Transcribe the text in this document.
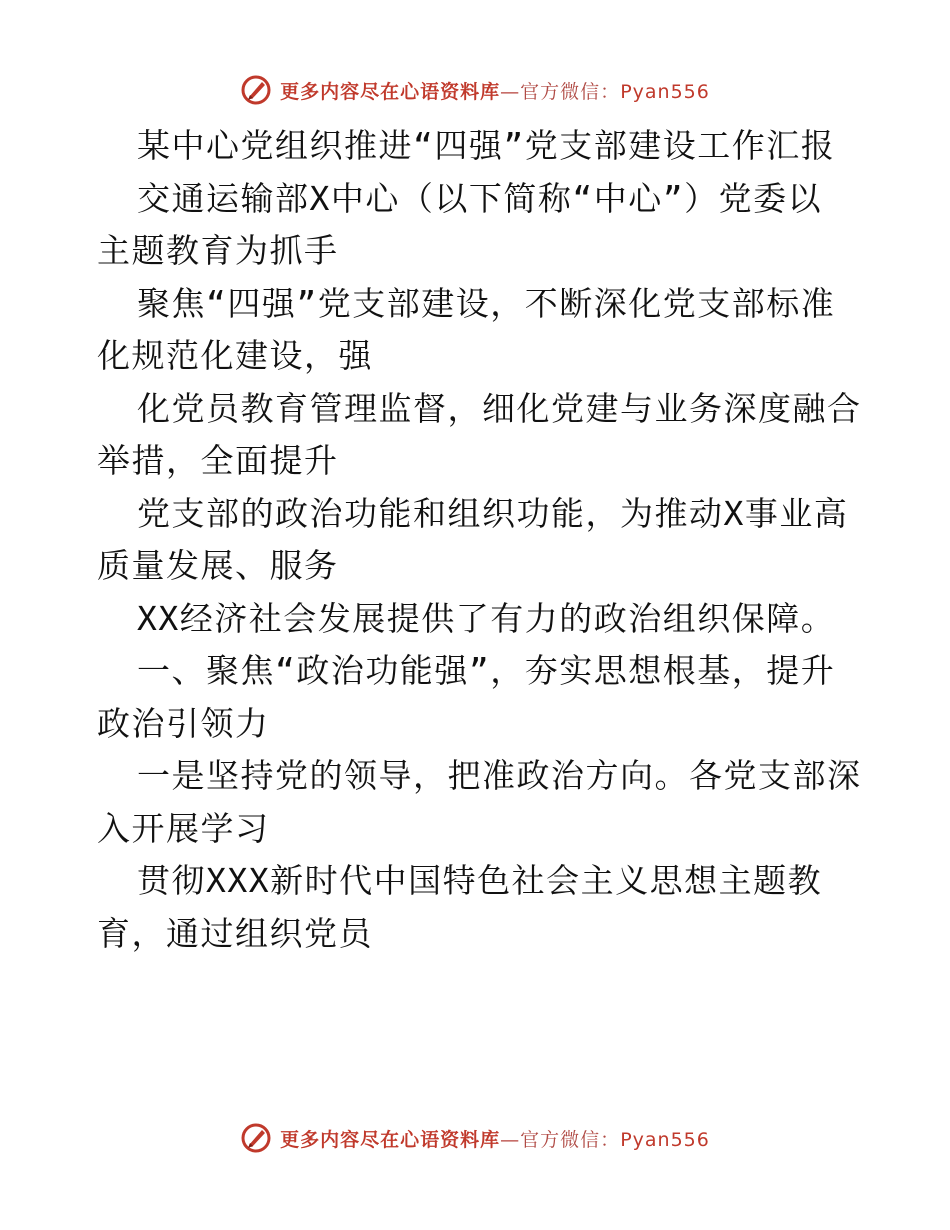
更多内容尽在心语资料库—官方微信：Pyan556
某中心党组织推进“四强”党支部建设工作汇报
交通运输部X中心（以下简称“中心”）党委以
主题教育为抓手
聚焦“四强”党支部建设，不断深化党支部标准
化规范化建设，强
化党员教育管理监督，细化党建与业务深度融合
举措，全面提升
党支部的政治功能和组织功能，为推动X事业高
质量发展、服务
XX经济社会发展提供了有力的政治组织保障。
一、聚焦“政治功能强”，夯实思想根基，提升
政治引领力
一是坚持党的领导，把准政治方向。各党支部深
入开展学习
贯彻XXX新时代中国特色社会主义思想主题教
育，通过组织党员
更多内容尽在心语资料库—官方微信：Pyan556
